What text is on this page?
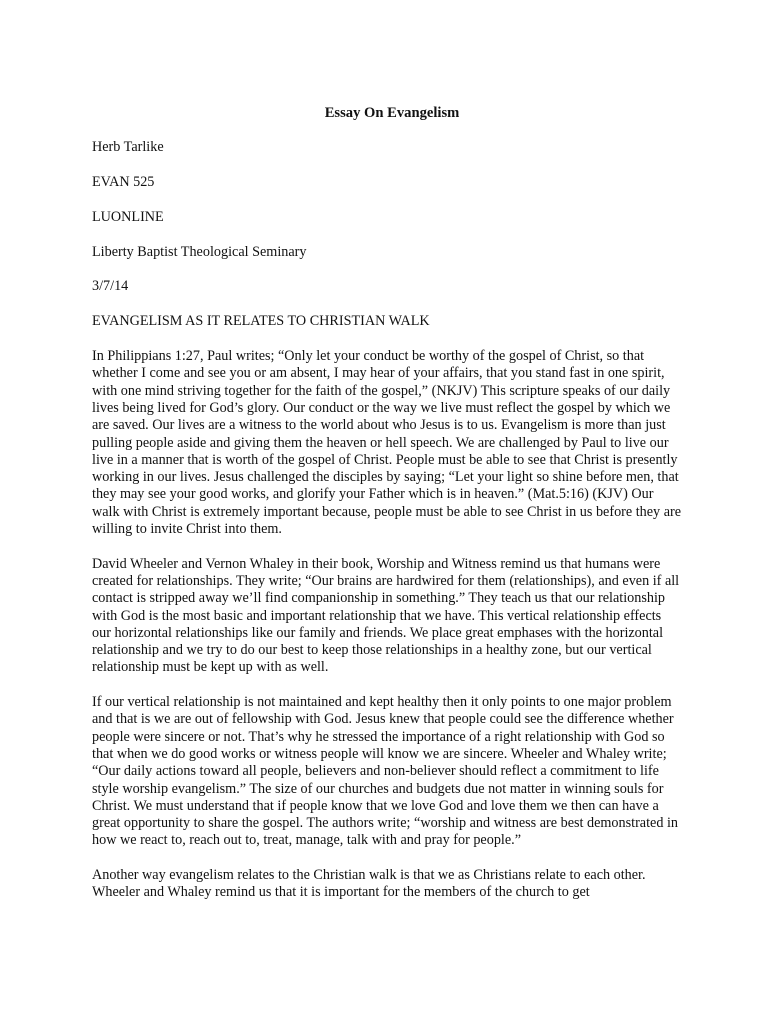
Essay On Evangelism
Herb Tarlike
EVAN 525
LUONLINE
Liberty Baptist Theological Seminary
3/7/14
EVANGELISM AS IT RELATES TO CHRISTIAN WALK

In Philippians 1:27, Paul writes; “Only let your conduct be worthy of the gospel of Christ, so that whether I come and see you or am absent, I may hear of your affairs, that you stand fast in one spirit, with one mind striving together for the faith of the gospel,” (NKJV) This scripture speaks of our daily lives being lived for God’s glory. Our conduct or the way we live must reflect the gospel by which we are saved. Our lives are a witness to the world about who Jesus is to us. Evangelism is more than just pulling people aside and giving them the heaven or hell speech. We are challenged by Paul to live our live in a manner that is worth of the gospel of Christ. People must be able to see that Christ is presently working in our lives. Jesus challenged the disciples by saying; “Let your light so shine before men, that they may see your good works, and glorify your Father which is in heaven.” (Mat.5:16) (KJV) Our walk with Christ is extremely important because, people must be able to see Christ in us before they are willing to invite Christ into them.

David Wheeler and Vernon Whaley in their book, Worship and Witness remind us that humans were created for relationships. They write; “Our brains are hardwired for them (relationships), and even if all contact is stripped away we’ll find companionship in something.” They teach us that our relationship with God is the most basic and important relationship that we have. This vertical relationship effects our horizontal relationships like our family and friends. We place great emphases with the horizontal relationship and we try to do our best to keep those relationships in a healthy zone, but our vertical relationship must be kept up with as well.

If our vertical relationship is not maintained and kept healthy then it only points to one major problem and that is we are out of fellowship with God. Jesus knew that people could see the difference whether people were sincere or not. That’s why he stressed the importance of a right relationship with God so that when we do good works or witness people will know we are sincere. Wheeler and Whaley write; “Our daily actions toward all people, believers and non-believer should reflect a commitment to life style worship evangelism.” The size of our churches and budgets due not matter in winning souls for Christ. We must understand that if people know that we love God and love them we then can have a great opportunity to share the gospel. The authors write; “worship and witness are best demonstrated in how we react to, reach out to, treat, manage, talk with and pray for people.”

Another way evangelism relates to the Christian walk is that we as Christians relate to each other. Wheeler and Whaley remind us that it is important for the members of the church to get
